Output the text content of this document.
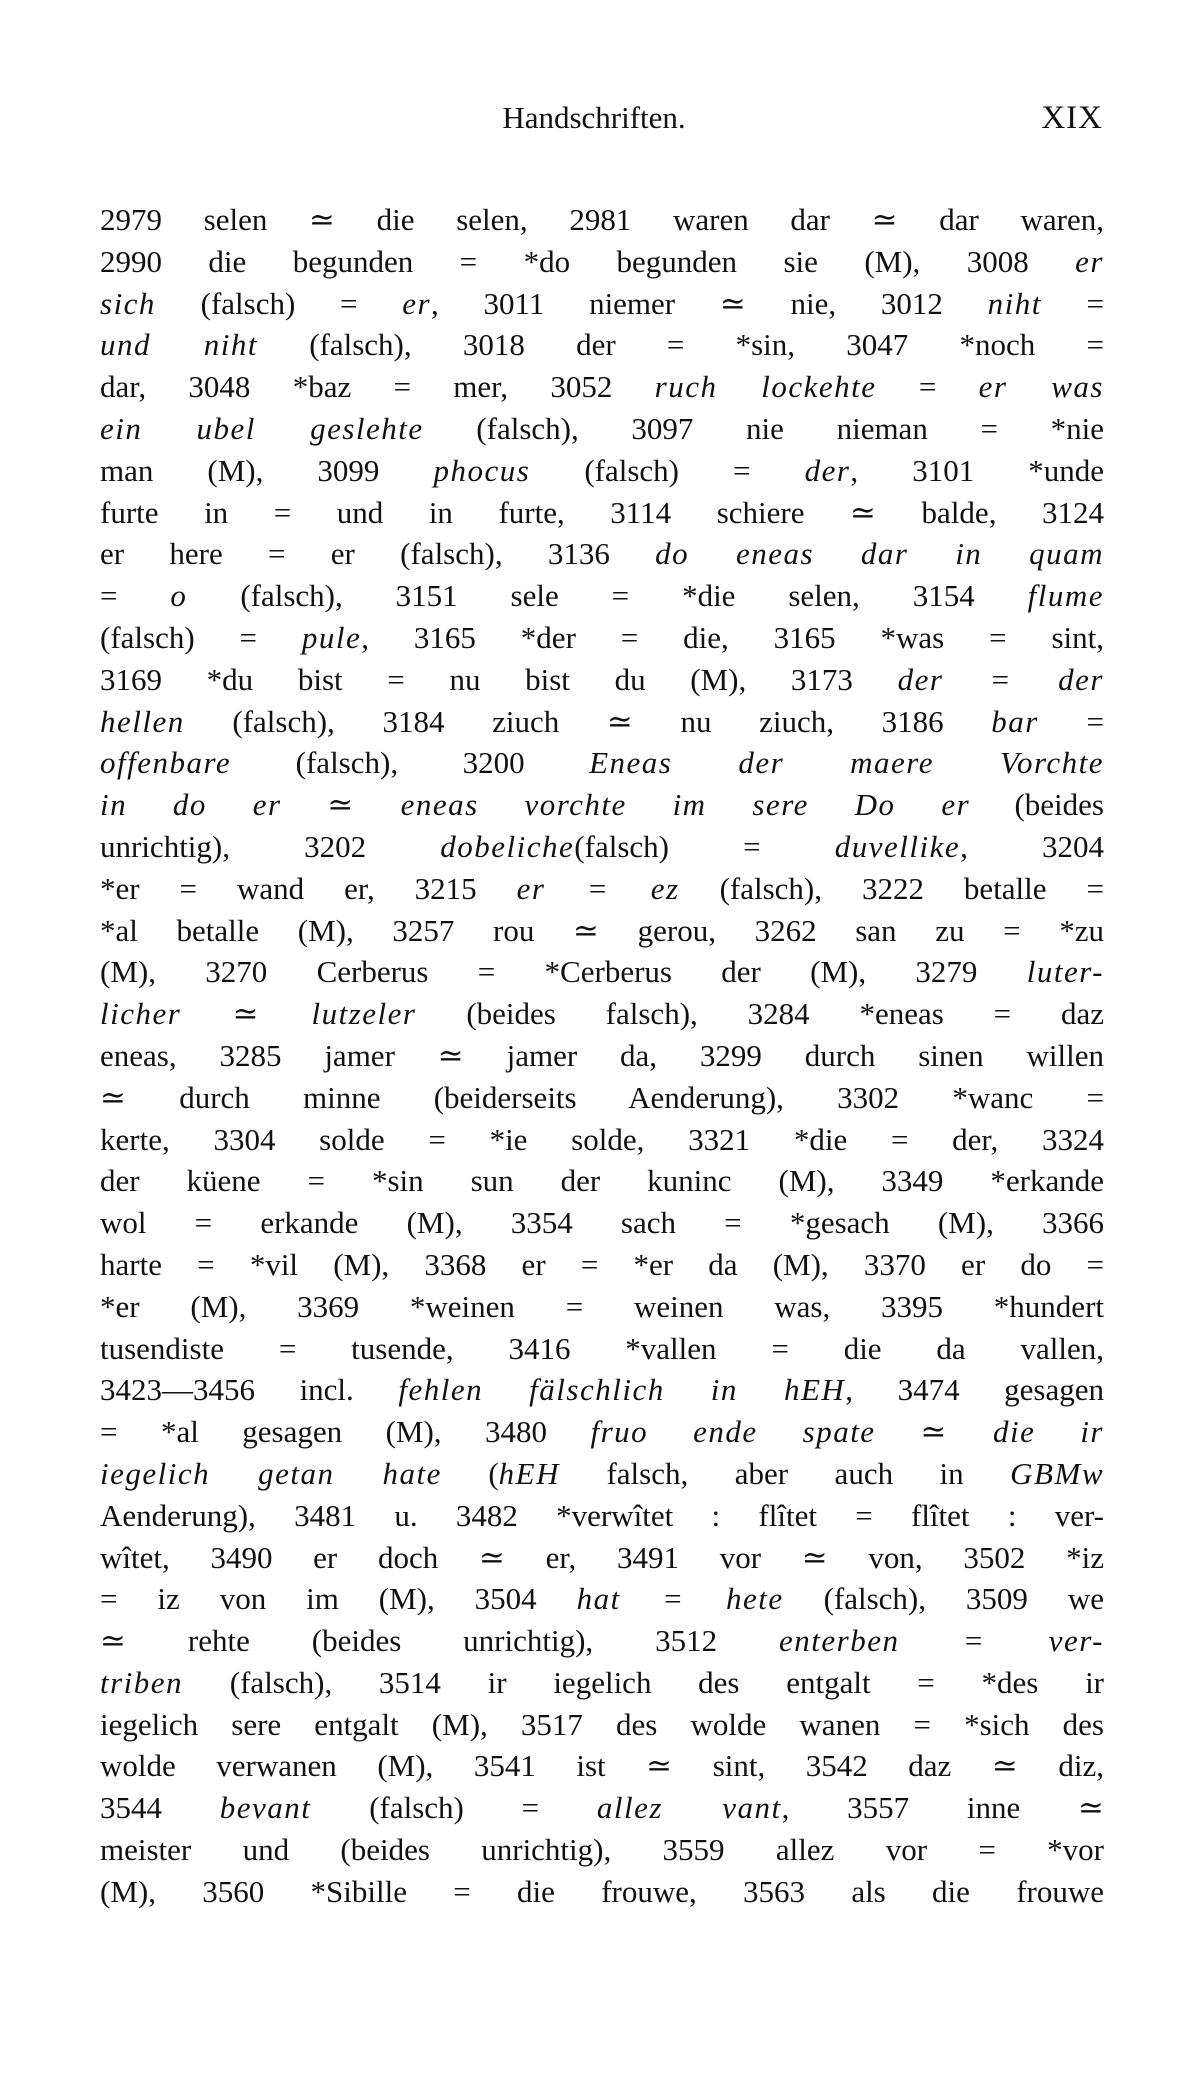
Handschriften.	XIX
2979 selen ≃ die selen, 2981 waren dar ≃ dar waren,
2990 die begunden = *do begunden sie (M), 3008 er
sich (falsch) = er, 3011 niemer ≃ nie, 3012 niht =
und niht (falsch), 3018 der = *sin, 3047 *noch =
dar, 3048 *baz = mer, 3052 ruch lockehte = er was
ein ubel geslehte (falsch), 3097 nie nieman = *nie
man (M), 3099 phocus (falsch) = der, 3101 *unde
furte in = und in furte, 3114 schiere ≃ balde, 3124
er here = er (falsch), 3136 do eneas dar in quam
= o (falsch), 3151 sele = *die selen, 3154 flume
(falsch) = pule, 3165 *der = die, 3165 *was = sint,
3169 *du bist = nu bist du (M), 3173 der = der
hellen (falsch), 3184 ziuch ≃ nu ziuch, 3186 bar =
offenbare (falsch), 3200 Eneas der maere Vorchte
in do er ≃ eneas vorchte im sere Do er (beides
unrichtig), 3202 dobeliche(falsch) = duvellike, 3204
*er = wand er, 3215 er = ez (falsch), 3222 betalle =
*al betalle (M), 3257 rou ≃ gerou, 3262 san zu = *zu
(M), 3270 Cerberus = *Cerberus der (M), 3279 luter-
licher ≃ lutzeler (beides falsch), 3284 *eneas = daz
eneas, 3285 jamer ≃ jamer da, 3299 durch sinen willen
≃ durch minne (beiderseits Aenderung), 3302 *wanc =
kerte, 3304 solde = *ie solde, 3321 *die = der, 3324
der küene = *sin sun der kuninc (M), 3349 *erkande
wol = erkande (M), 3354 sach = *gesach (M), 3366
harte = *vil (M), 3368 er = *er da (M), 3370 er do =
*er (M), 3369 *weinen = weinen was, 3395 *hundert
tusendiste = tusende, 3416 *vallen = die da vallen,
3423—3456 incl. fehlen fälschlich in hEH, 3474 gesagen
= *al gesagen (M), 3480 fruo ende spate ≃ die ir
iegelich getan hate (hEH falsch, aber auch in GBMw
Aenderung), 3481 u. 3482 *verwîtet : flîtet = flîtet : ver-
wîtet, 3490 er doch ≃ er, 3491 vor ≃ von, 3502 *iz
= iz von im (M), 3504 hat = hete (falsch), 3509 we
≃ rehte (beides unrichtig), 3512 enterben = ver-
triben (falsch), 3514 ir iegelich des entgalt = *des ir
iegelich sere entgalt (M), 3517 des wolde wanen = *sich des
wolde verwanen (M), 3541 ist ≃ sint, 3542 daz ≃ diz,
3544 bevant (falsch) = allez vant, 3557 inne ≃
meister und (beides unrichtig), 3559 allez vor = *vor
(M), 3560 *Sibille = die frouwe, 3563 als die frouwe
